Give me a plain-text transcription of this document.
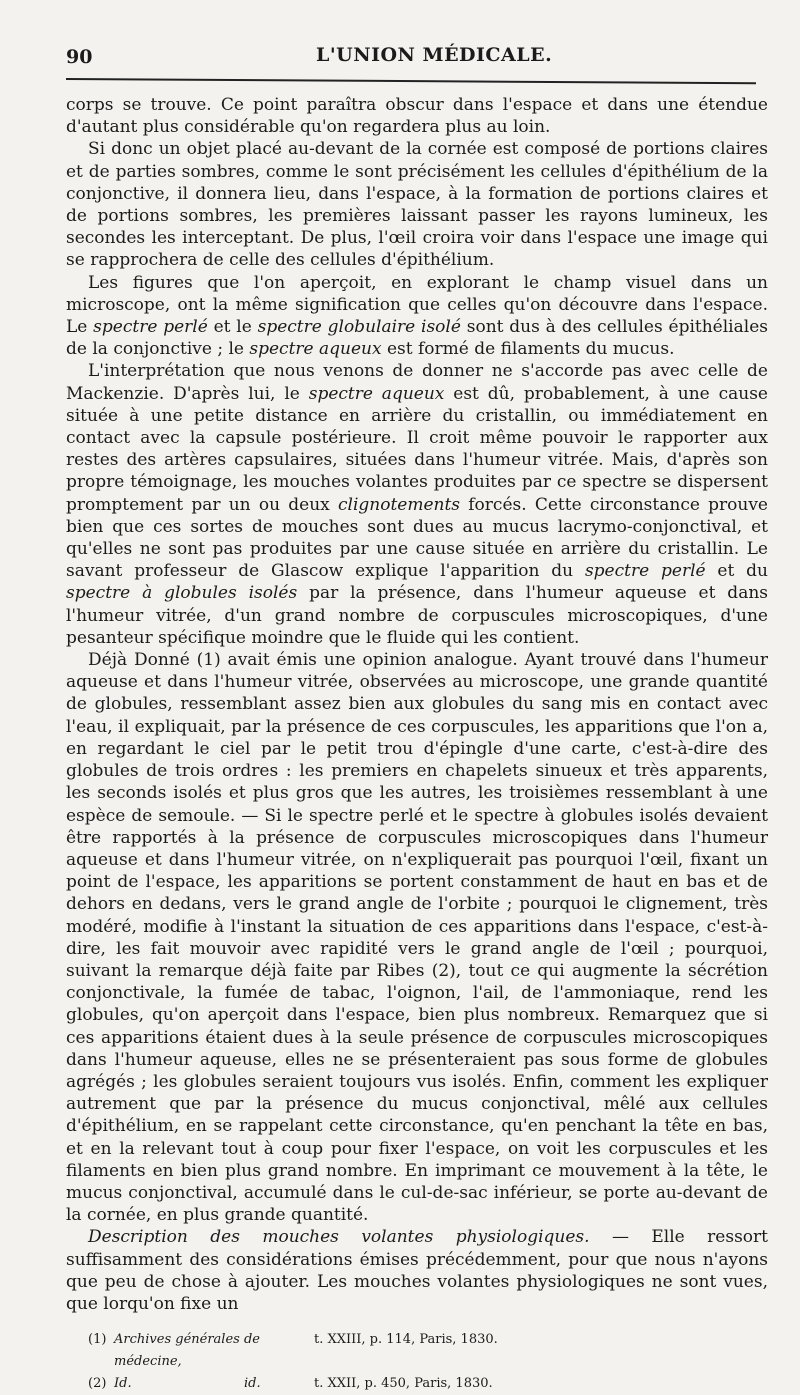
90	L'UNION MÉDICALE.

corps se trouve. Ce point paraîtra obscur dans l'espace et dans une étendue d'autant plus considérable qu'on regardera plus au loin.

Si donc un objet placé au-devant de la cornée est composé de portions claires et de parties sombres, comme le sont précisément les cellules d'épithélium de la conjonctive, il donnera lieu, dans l'espace, à la formation de portions claires et de portions sombres, les premières laissant passer les rayons lumineux, les secondes les interceptant. De plus, l'œil croira voir dans l'espace une image qui se rapprochera de celle des cellules d'épithélium.

Les figures que l'on aperçoit, en explorant le champ visuel dans un microscope, ont la même signification que celles qu'on découvre dans l'espace. Le spectre perlé et le spectre globulaire isolé sont dus à des cellules épithéliales de la conjonctive ; le spectre aqueux est formé de filaments du mucus.

L'interprétation que nous venons de donner ne s'accorde pas avec celle de Mackenzie. D'après lui, le spectre aqueux est dû, probablement, à une cause située à une petite distance en arrière du cristallin, ou immédiatement en contact avec la capsule postérieure. Il croit même pouvoir le rapporter aux restes des artères capsulaires, situées dans l'humeur vitrée. Mais, d'après son propre témoignage, les mouches volantes produites par ce spectre se dispersent promptement par un ou deux clignotements forcés. Cette circonstance prouve bien que ces sortes de mouches sont dues au mucus lacrymo-conjonctival, et qu'elles ne sont pas produites par une cause située en arrière du cristallin. Le savant professeur de Glascow explique l'apparition du spectre perlé et du spectre à globules isolés par la présence, dans l'humeur aqueuse et dans l'humeur vitrée, d'un grand nombre de corpuscules microscopiques, d'une pesanteur spécifique moindre que le fluide qui les contient.

Déjà Donné (1) avait émis une opinion analogue. Ayant trouvé dans l'humeur aqueuse et dans l'humeur vitrée, observées au microscope, une grande quantité de globules, ressemblant assez bien aux globules du sang mis en contact avec l'eau, il expliquait, par la présence de ces corpuscules, les apparitions que l'on a, en regardant le ciel par le petit trou d'épingle d'une carte, c'est-à-dire des globules de trois ordres : les premiers en chapelets sinueux et très apparents, les seconds isolés et plus gros que les autres, les troisièmes ressemblant à une espèce de semoule. — Si le spectre perlé et le spectre à globules isolés devaient être rapportés à la présence de corpuscules microscopiques dans l'humeur aqueuse et dans l'humeur vitrée, on n'expliquerait pas pourquoi l'œil, fixant un point de l'espace, les apparitions se portent constamment de haut en bas et de dehors en dedans, vers le grand angle de l'orbite ; pourquoi le clignement, très modéré, modifie à l'instant la situation de ces apparitions dans l'espace, c'est-à-dire, les fait mouvoir avec rapidité vers le grand angle de l'œil ; pourquoi, suivant la remarque déjà faite par Ribes (2), tout ce qui augmente la sécrétion conjonctivale, la fumée de tabac, l'oignon, l'ail, de l'ammoniaque, rend les globules, qu'on aperçoit dans l'espace, bien plus nombreux. Remarquez que si ces apparitions étaient dues à la seule présence de corpuscules microscopiques dans l'humeur aqueuse, elles ne se présenteraient pas sous forme de globules agrégés ; les globules seraient toujours vus isolés. Enfin, comment les expliquer autrement que par la présence du mucus conjonctival, mêlé aux cellules d'épithélium, en se rappelant cette circonstance, qu'en penchant la tête en bas, et en la relevant tout à coup pour fixer l'espace, on voit les corpuscules et les filaments en bien plus grand nombre. En imprimant ce mouvement à la tête, le mucus conjonctival, accumulé dans le cul-de-sac inférieur, se porte au-devant de la cornée, en plus grande quantité.

Description des mouches volantes physiologiques. — Elle ressort suffisamment des considérations émises précédemment, pour que nous n'ayons que peu de chose à ajouter. Les mouches volantes physiologiques ne sont vues, que lorqu'on fixe un

(1) Archives générales de médecine,
t. XXIII, p. 114, Paris, 1830.
(2) Id.	id.	t. XXII, p. 450, Paris, 1830.
